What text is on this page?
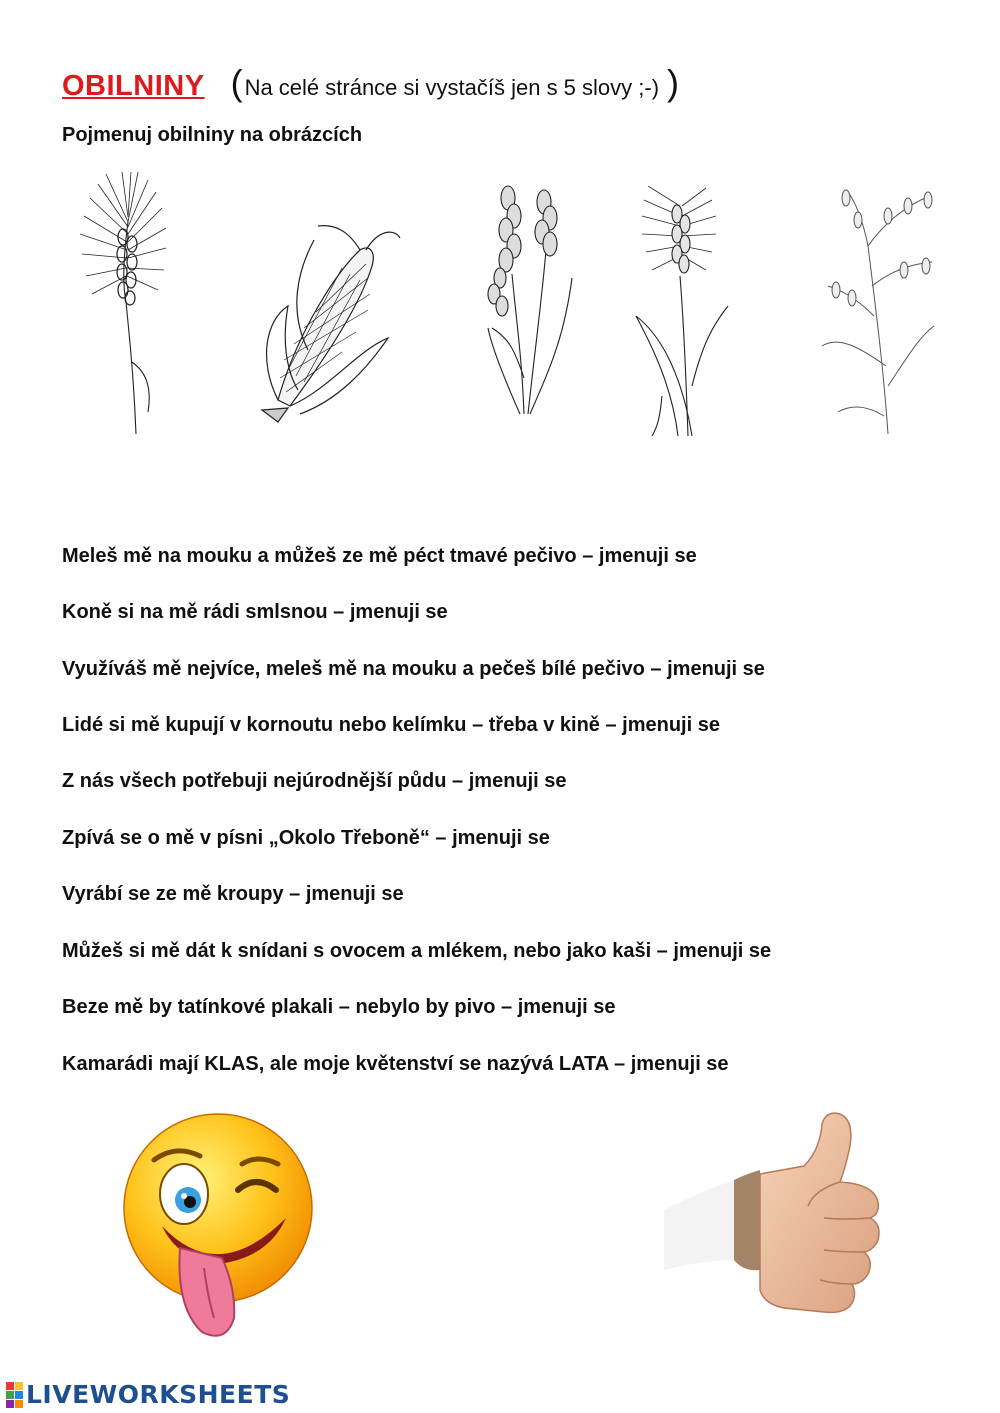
OBILNINY ( Na celé stránce si vystačíš jen s 5 slovy ;-) )
Pojmenuj obilniny na obrázcích
Meleš mě na mouku a můžeš ze mě péct tmavé pečivo – jmenuji se
Koně si na mě rádi smlsnou – jmenuji se
Využíváš mě nejvíce, meleš mě na mouku a pečeš bílé pečivo – jmenuji se
Lidé si mě kupují v kornoutu nebo kelímku – třeba v kině – jmenuji se
Z nás všech potřebuji nejúrodnější půdu – jmenuji se
Zpívá se o mě v písni „Okolo Třeboně“ – jmenuji se
Vyrábí se ze mě kroupy – jmenuji se
Můžeš si mě dát k snídani s ovocem a mlékem, nebo jako kaši – jmenuji se
Beze mě by tatínkové plakali – nebylo by pivo – jmenuji se
Kamarádi mají KLAS, ale moje květenství se nazývá LATA – jmenuji se
LIVEWORKSHEETS
